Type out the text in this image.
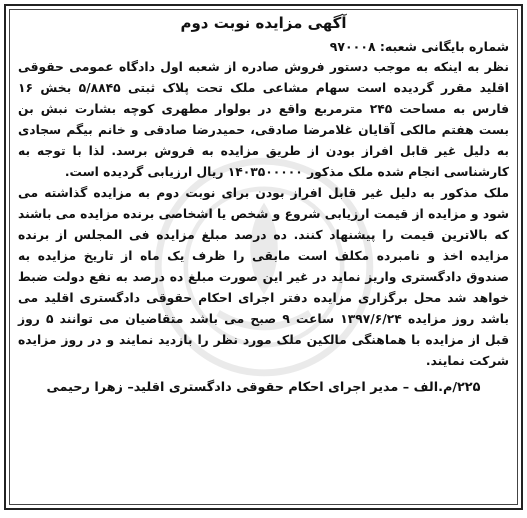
آگهی مزایده نوبت دوم

شماره بایگانی شعبه: ۹۷۰۰۰۸

نظر به اینکه به موجب دستور فروش صادره از شعبه اول دادگاه عمومی حقوقی اقلید مقرر گردیده است سهام مشاعی ملک تحت پلاک ثبتی ۵/۸۸۴۵ بخش ۱۶ فارس به مساحت ۲۴۵ مترمربع واقع در بولوار مطهری کوچه بشارت نبش بن بست هفتم مالکی آقایان غلامرضا صادقی، حمیدرضا صادقی و خانم بیگم سجادی به دلیل غیر قابل افراز بودن از طریق مزایده به فروش برسد. لذا با توجه به کارشناسی انجام شده ملک مذکور ۱۴۰۳۵۰۰۰۰۰ ریال ارزیابی گردیده است.

ملک مذکور به دلیل غیر قابل افراز بودن برای نوبت دوم به مزایده گذاشته می شود و مزایده از قیمت ارزیابی شروع و شخص یا اشخاصی برنده مزایده می باشند که بالاترین قیمت را پیشنهاد کنند. ده درصد مبلغ مزایده فی المجلس از برنده مزایده اخذ و نامبرده مکلف است مابقی را ظرف یک ماه از تاریخ مزایده به صندوق دادگستری واریز نماید در غیر این صورت مبلغ ده درصد به نفع دولت ضبط خواهد شد محل برگزاری مزایده دفتر اجرای احکام حقوقی دادگستری اقلید می باشد روز مزایده ۱۳۹۷/۶/۲۴ ساعت ۹ صبح می باشد متقاضیان می توانند ۵ روز قبل از مزایده با هماهنگی مالکین ملک مورد نظر را بازدید نمایند و در روز مزایده شرکت نمایند.

۲۲۵/م.الف – مدیر اجرای احکام حقوقی دادگستری اقلید– زهرا رحیمی
